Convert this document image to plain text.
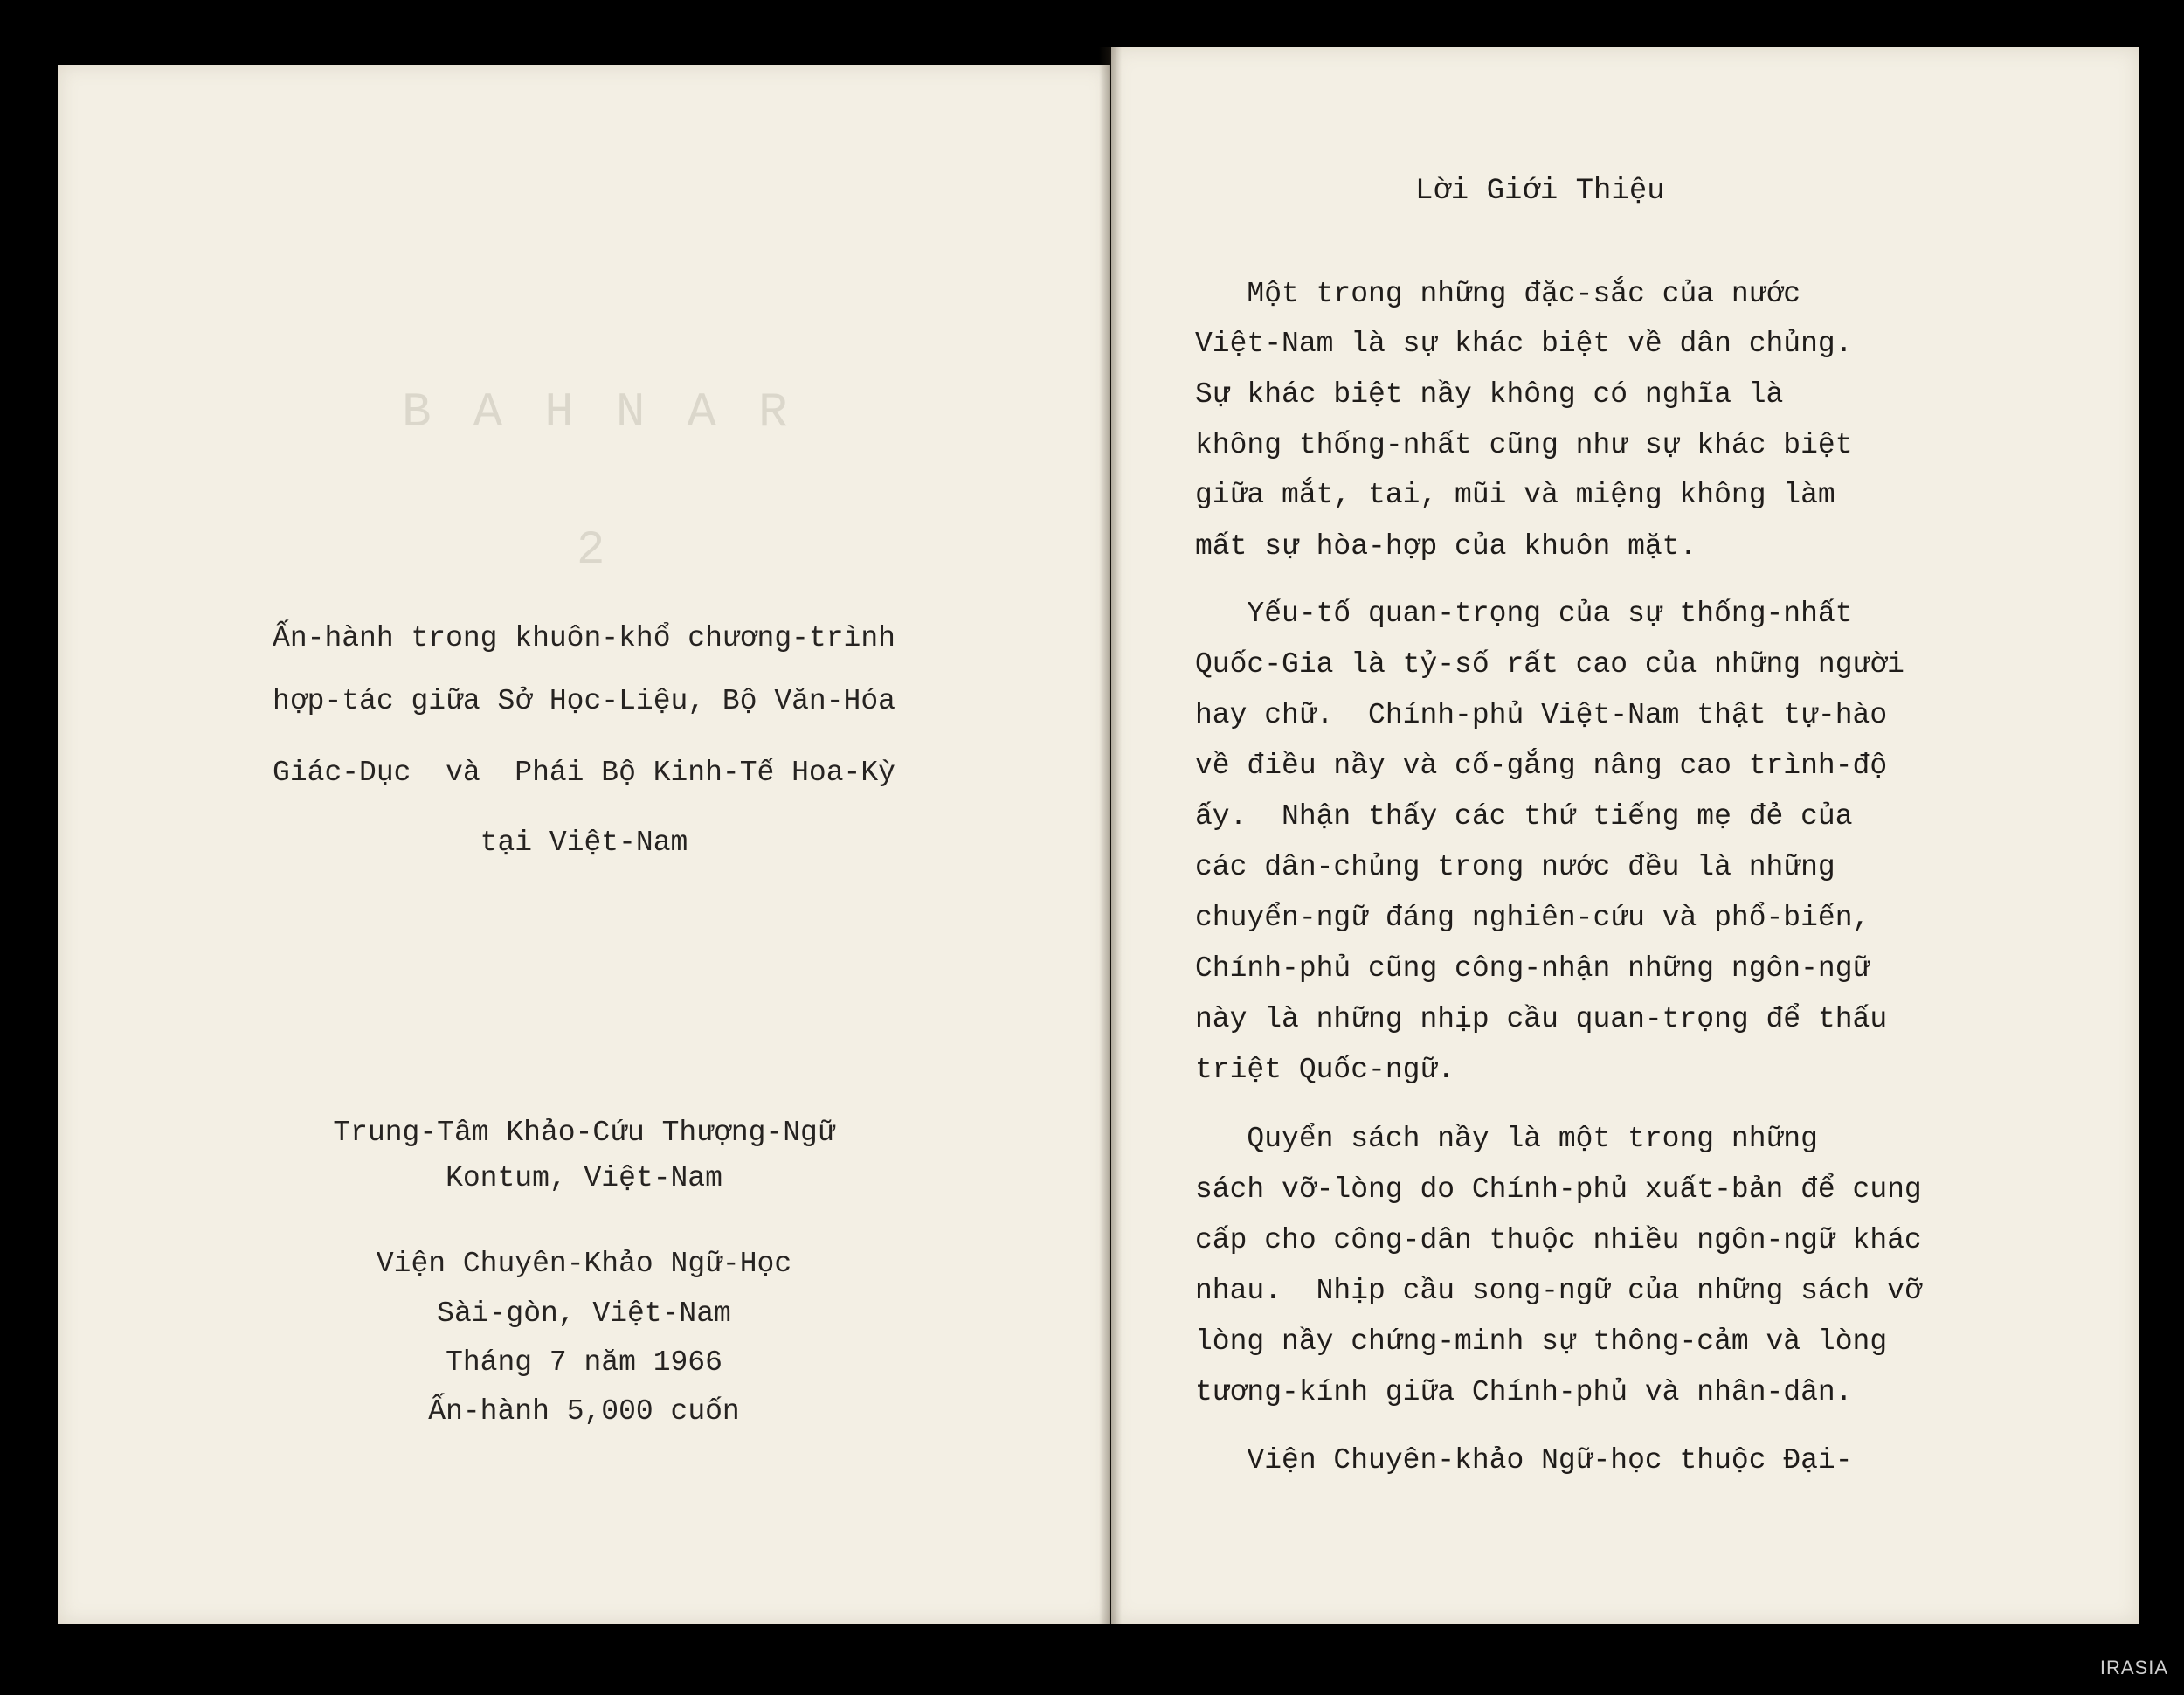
BAHNAR
2
Ấn-hành trong khuôn-khổ chương-trình
hợp-tác giữa Sở Học-Liệu, Bộ Văn-Hóa
Giác-Dục  và  Phái Bộ Kinh-Tế Hoa-Kỳ
tại Việt-Nam
Trung-Tâm Khảo-Cứu Thượng-Ngữ
Kontum, Việt-Nam
Viện Chuyên-Khảo Ngữ-Học
Sài-gòn, Việt-Nam
Tháng 7 năm 1966
Ấn-hành 5,000 cuốn
Lời Giới Thiệu
Một trong những đặc-sắc của nước
Việt-Nam là sự khác biệt về dân chủng.
Sự khác biệt nầy không có nghĩa là
không thống-nhất cũng như sự khác biệt
giữa mắt, tai, mũi và miệng không làm
mất sự hòa-hợp của khuôn mặt.
Yếu-tố quan-trọng của sự thống-nhất
Quốc-Gia là tỷ-số rất cao của những người
hay chữ.  Chính-phủ Việt-Nam thật tự-hào
về điều nầy và cố-gắng nâng cao trình-độ
ấy.  Nhận thấy các thứ tiếng mẹ đẻ của
các dân-chủng trong nước đều là những
chuyển-ngữ đáng nghiên-cứu và phổ-biến,
Chính-phủ cũng công-nhận những ngôn-ngữ
này là những nhịp cầu quan-trọng để thấu
triệt Quốc-ngữ.
Quyển sách nầy là một trong những
sách vỡ-lòng do Chính-phủ xuất-bản để cung
cấp cho công-dân thuộc nhiều ngôn-ngữ khác
nhau.  Nhịp cầu song-ngữ của những sách vỡ
lòng nầy chứng-minh sự thông-cảm và lòng
tương-kính giữa Chính-phủ và nhân-dân.
Viện Chuyên-khảo Ngữ-học thuộc Đại-
IRASIA
